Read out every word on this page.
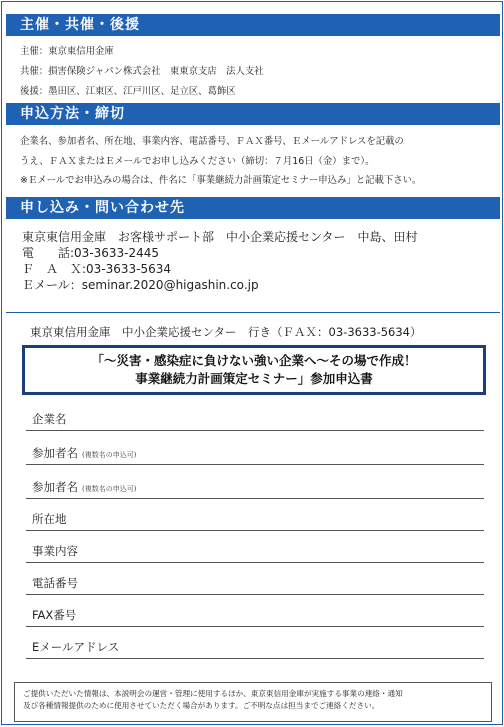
主催・共催・後援
主催：東京東信用金庫
共催：損害保険ジャパン株式会社　東東京支店　法人支社
後援：墨田区、江東区、江戸川区、足立区、葛飾区
申込方法・締切
企業名、参加者名、所在地、事業内容、電話番号、ＦＡＸ番号、Ｅメールアドレスを記載の
うえ、ＦＡＸまたはＥメールでお申し込みください（締切：７月16日（金）まで）。
※Ｅメールでお申込みの場合は、件名に「事業継続力計画策定セミナー申込み」と記載下さい。
申し込み・問い合わせ先
東京東信用金庫　お客様サポート部　中小企業応援センター　中島、田村
電　　話:03-3633-2445
Ｆ　Ａ　Ｘ:03-3633-5634
Ｅメール：seminar.2020@higashin.co.jp
東京東信用金庫　中小企業応援センター　行き（ＦＡＸ：03-3633-5634）
「～災害・感染症に負けない強い企業へ～その場で作成！
事業継続力計画策定セミナー」参加申込書
企業名
参加者名 (複数名の申込可)
参加者名 (複数名の申込可)
所在地
事業内容
電話番号
FAX番号
Eメールアドレス
ご提供いただいた情報は、本説明会の運営・管理に使用するほか、東京東信用金庫が実施する事業の連絡・通知
及び各種情報提供のために使用させていただく場合があります。ご不明な点は担当までご連絡ください。
